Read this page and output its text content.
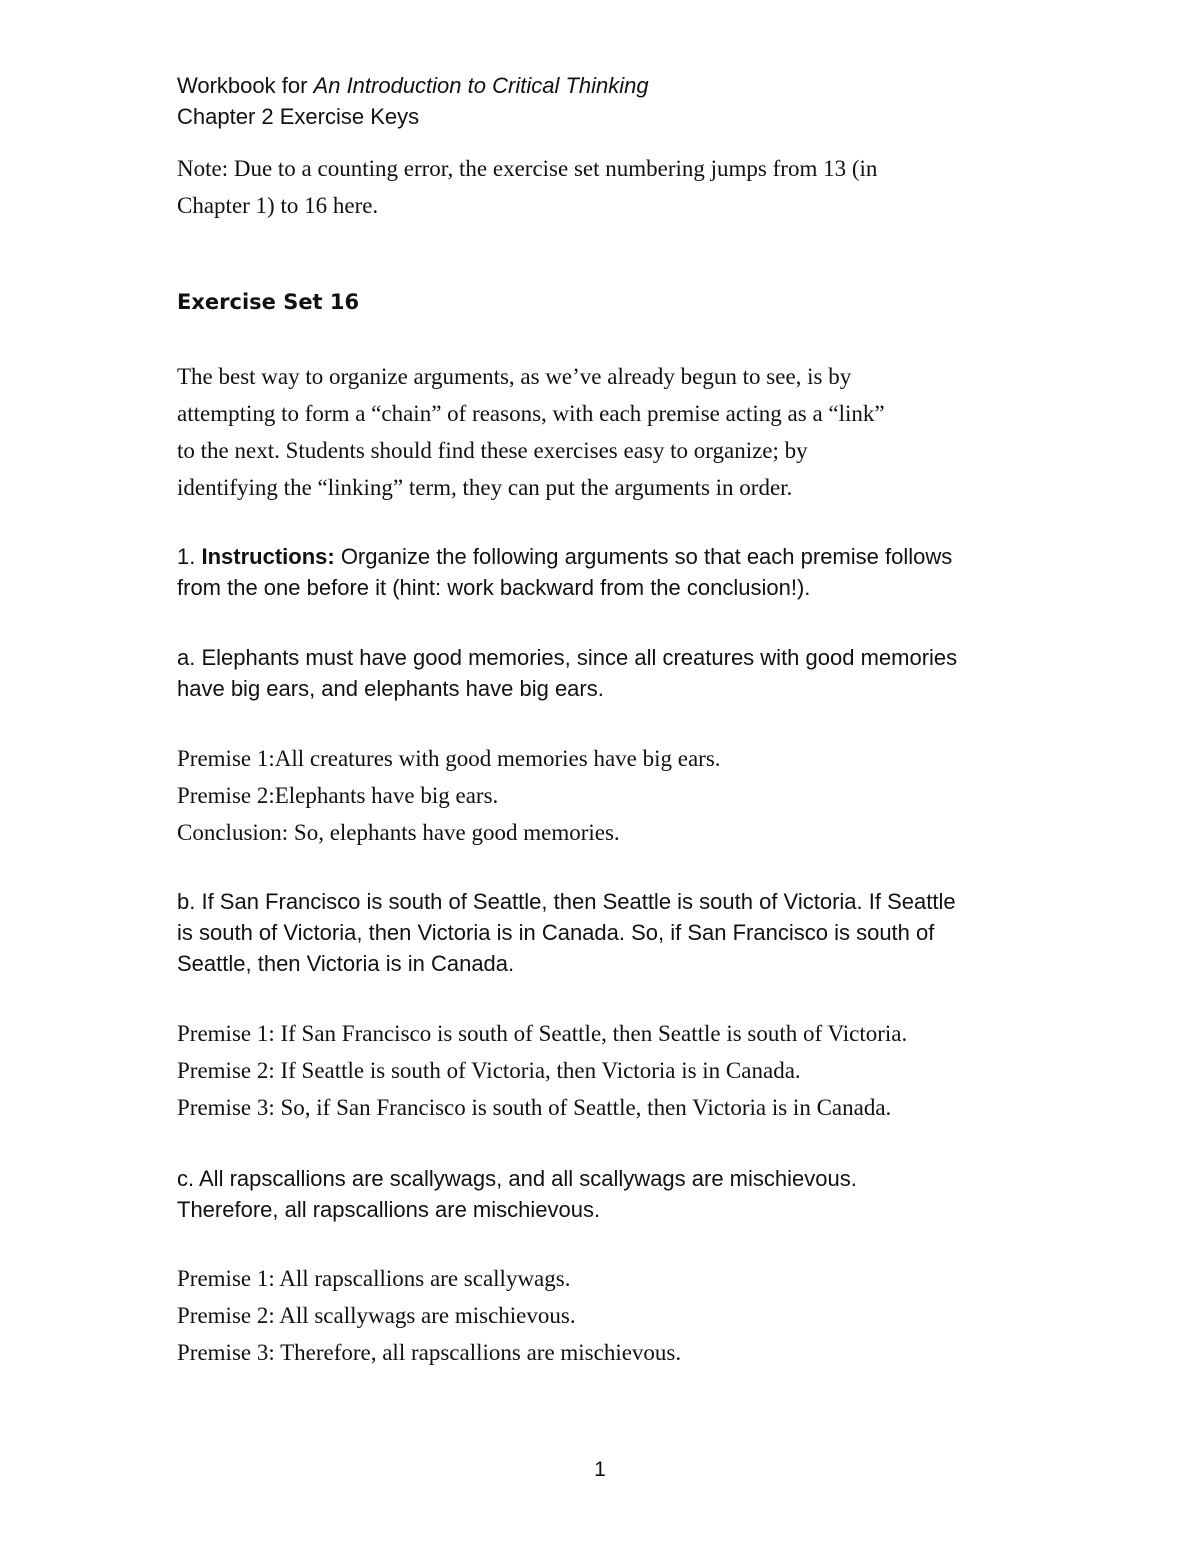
Workbook for An Introduction to Critical Thinking
Chapter 2 Exercise Keys
Note: Due to a counting error, the exercise set numbering jumps from 13 (in
Chapter 1) to 16 here.
Exercise Set 16
The best way to organize arguments, as we’ve already begun to see, is by
attempting to form a “chain” of reasons, with each premise acting as a “link”
to the next. Students should find these exercises easy to organize; by
identifying the “linking” term, they can put the arguments in order.
1. Instructions: Organize the following arguments so that each premise follows
from the one before it (hint: work backward from the conclusion!).
a. Elephants must have good memories, since all creatures with good memories
have big ears, and elephants have big ears.
Premise 1:All creatures with good memories have big ears.
Premise 2:Elephants have big ears.
Conclusion: So, elephants have good memories.
b. If San Francisco is south of Seattle, then Seattle is south of Victoria. If Seattle
is south of Victoria, then Victoria is in Canada. So, if San Francisco is south of
Seattle, then Victoria is in Canada.
Premise 1: If San Francisco is south of Seattle, then Seattle is south of Victoria.
Premise 2: If Seattle is south of Victoria, then Victoria is in Canada.
Premise 3: So, if San Francisco is south of Seattle, then Victoria is in Canada.
c. All rapscallions are scallywags, and all scallywags are mischievous.
Therefore, all rapscallions are mischievous.
Premise 1: All rapscallions are scallywags.
Premise 2: All scallywags are mischievous.
Premise 3: Therefore, all rapscallions are mischievous.
1
